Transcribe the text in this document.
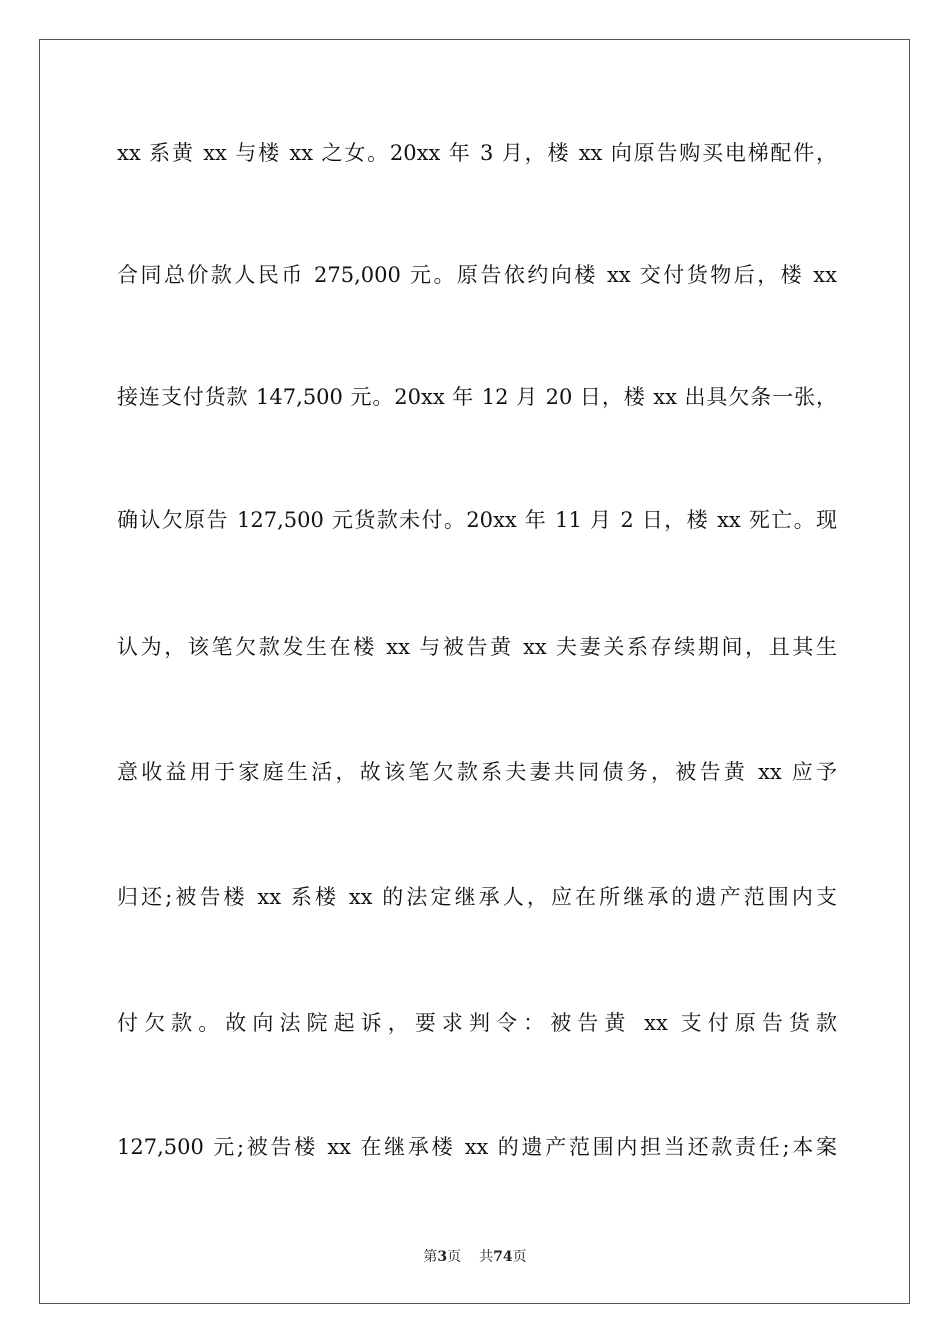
xx 系黄 xx 与楼 xx 之女。20xx 年 3 月，楼 xx 向原告购买电梯配件，
合同总价款人民币 275,000 元。原告依约向楼 xx 交付货物后，楼 xx
接连支付货款 147,500 元。20xx 年 12 月 20 日，楼 xx 出具欠条一张，
确认欠原告 127,500 元货款未付。20xx 年 11 月 2 日，楼 xx 死亡。现
认为，该笔欠款发生在楼 xx 与被告黄 xx 夫妻关系存续期间，且其生
意收益用于家庭生活，故该笔欠款系夫妻共同债务，被告黄 xx 应予
归还;被告楼 xx 系楼 xx 的法定继承人，应在所继承的遗产范围内支
付欠款。故向法院起诉，要求判令：被告黄 xx 支付原告货款
127,500 元;被告楼 xx 在继承楼 xx 的遗产范围内担当还款责任;本案
第3页 共74页
